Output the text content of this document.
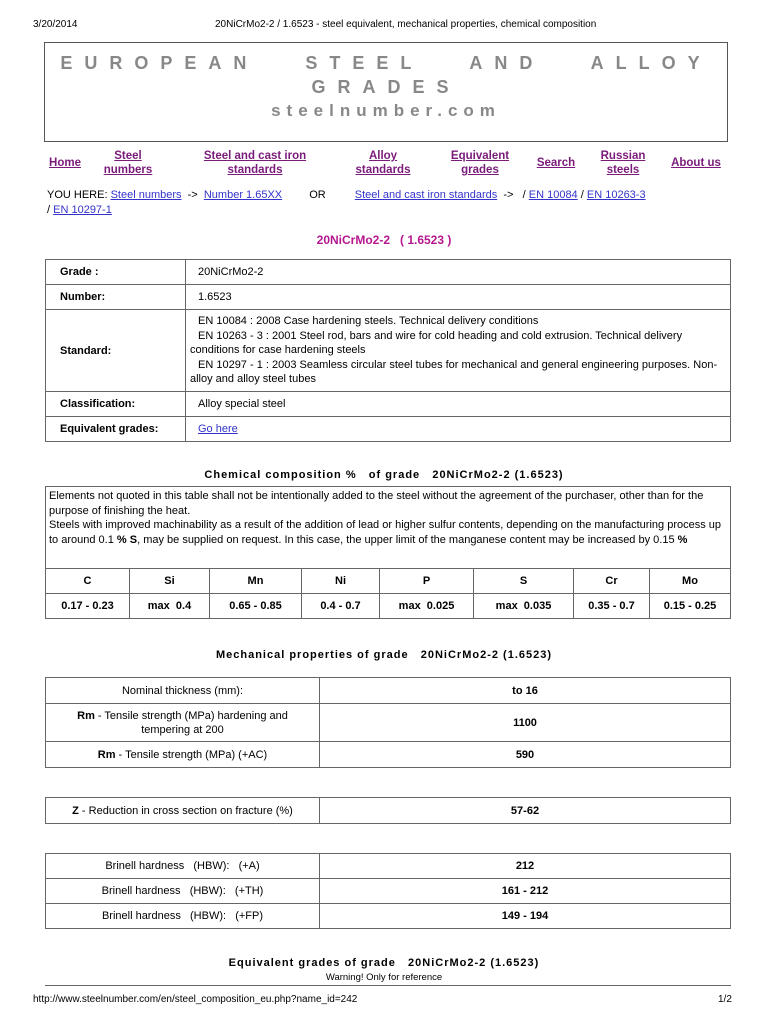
3/20/2014	20NiCrMo2-2 / 1.6523 - steel equivalent, mechanical properties, chemical composition
EUROPEAN STEEL AND ALLOY
GRADES
steelnumber.com
Home
Steel
numbers
Steel and cast iron
standards
Alloy
standards
Equivalent
grades
Search
Russian
steels
About us
YOU HERE: Steel numbers -> Number 1.65XX OR	Steel and cast iron standards -> / EN 10084 / EN 10263-3
/ EN 10297-1
20NiCrMo2-2   ( 1.6523 )
Grade :	20NiCrMo2-2
Number:	1.6523
Standard:	EN 10084 : 2008 Case hardening steels. Technical delivery conditions
EN 10263 - 3 : 2001 Steel rod, bars and wire for cold heading and cold extrusion. Technical delivery conditions for case hardening steels
EN 10297 - 1 : 2003 Seamless circular steel tubes for mechanical and general engineering purposes. Non-alloy and alloy steel tubes

Classification:	Alloy special steel
Equivalent grades:	Go here
Chemical composition %   of grade   20NiCrMo2-2 (1.6523)
Elements not quoted in this table shall not be intentionally added to the steel without the agreement of the purchaser, other than for the purpose of finishing the heat.
Steels with improved machinability as a result of the addition of lead or higher sulfur contents, depending on the manufacturing process up to around 0.1 % S, may be supplied on request. In this case, the upper limit of the manganese content may be increased by 0.15 %
C	Si	Mn	Ni	P	S	Cr	Mo
0.17 - 0.23	max  0.4	0.65 - 0.85	0.4 - 0.7	max  0.025	max  0.035	0.35 - 0.7	0.15 - 0.25
Mechanical properties of grade   20NiCrMo2-2 (1.6523)
Nominal thickness (mm):	to 16
Rm - Tensile strength (MPa) hardening and tempering at 200	1100
Rm - Tensile strength (MPa) (+AC)	590
Z - Reduction in cross section on fracture (%)	57-62
Brinell hardness   (HBW):   (+A)	212
Brinell hardness   (HBW):   (+TH)	161 - 212
Brinell hardness   (HBW):   (+FP)	149 - 194
Equivalent grades of grade   20NiCrMo2-2 (1.6523)
Warning! Only for reference
http://www.steelnumber.com/en/steel_composition_eu.php?name_id=242	1/2
